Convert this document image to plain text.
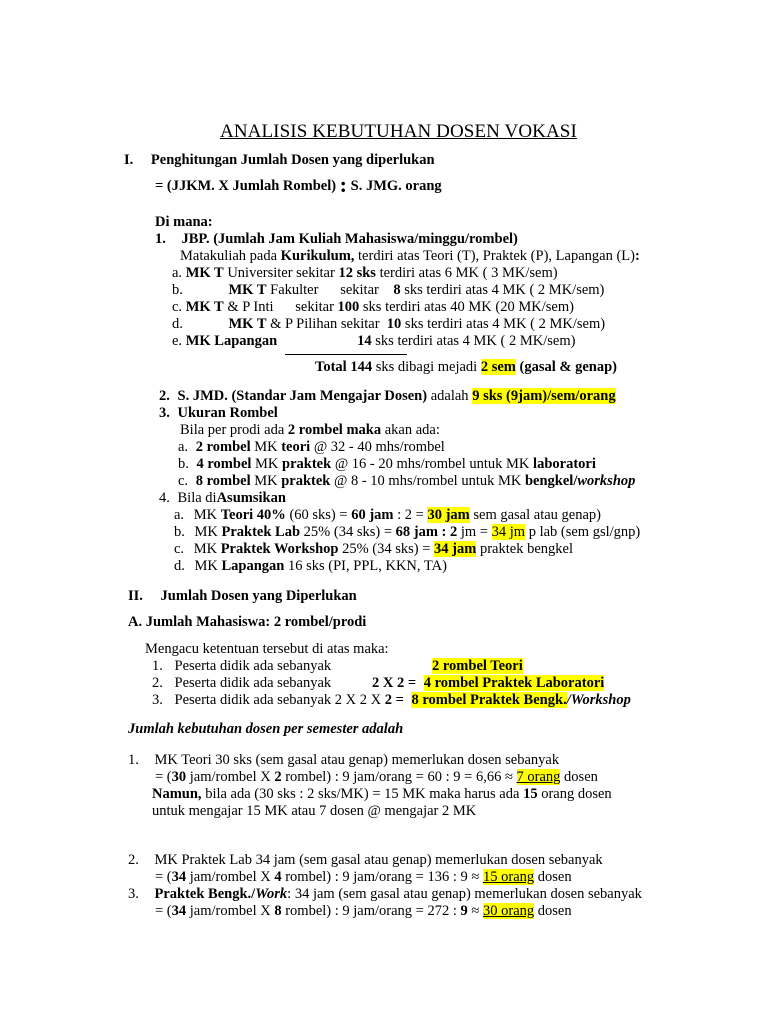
ANALISIS KEBUTUHAN DOSEN VOKASI
I. Penghitungan Jumlah Dosen yang diperlukan
= (JJKM. X Jumlah Rombel) : S. JMG. orang
Di mana:
1. JBP. (Jumlah Jam Kuliah Mahasiswa/minggu/rombel)
Matakuliah pada Kurikulum, terdiri atas Teori (T), Praktek (P), Lapangan (L):
a. MK T Universiter sekitar 12 sks terdiri atas 6 MK ( 3 MK/sem)
b.	MK T Fakulter      sekitar    8 sks terdiri atas 4 MK ( 2 MK/sem)
c. MK T & P Inti      sekitar 100 sks terdiri atas 40 MK (20 MK/sem)
d.	MK T & P Pilihan sekitar  10 sks terdiri atas 4 MK ( 2 MK/sem)
e. MK Lapangan	14 sks terdiri atas 4 MK ( 2 MK/sem)
Total 144 sks dibagi mejadi 2 sem (gasal & genap)
2. S. JMD. (Standar Jam Mengajar Dosen) adalah 9 sks (9jam)/sem/orang
3. Ukuran Rombel
Bila per prodi ada 2 rombel maka akan ada:
a. 2 rombel MK teori @ 32 - 40 mhs/rombel
b. 4 rombel MK praktek @ 16 - 20 mhs/rombel untuk MK laboratori
c. 8 rombel MK praktek @ 8 - 10 mhs/rombel untuk MK bengkel/workshop
4. Bila diAsumsikan
a. MK Teori 40% (60 sks) = 60 jam : 2 = 30 jam sem gasal atau genap)
b. MK Praktek Lab 25% (34 sks) = 68 jam : 2 jm = 34 jm p lab (sem gsl/gnp)
c. MK Praktek Workshop 25% (34 sks) = 34 jam praktek bengkel
d. MK Lapangan 16 sks (PI, PPL, KKN, TA)
II. Jumlah Dosen yang Diperlukan
A. Jumlah Mahasiswa: 2 rombel/prodi
Mengacu ketentuan tersebut di atas maka:
1. Peserta didik ada sebanyak	2 rombel Teori
2. Peserta didik ada sebanyak	2 X 2 = 4 rombel Praktek Laboratori
3. Peserta didik ada sebanyak 2 X 2 X 2 = 8 rombel Praktek Bengk./Workshop
Jumlah kebutuhan dosen per semester adalah
1. MK Teori 30 sks (sem gasal atau genap) memerlukan dosen sebanyak
= (30 jam/rombel X 2 rombel) : 9 jam/orang = 60 : 9 = 6,66 ≈ 7 orang dosen
Namun, bila ada (30 sks : 2 sks/MK) = 15 MK maka harus ada 15 orang dosen
untuk mengajar 15 MK atau 7 dosen @ mengajar 2 MK
2. MK Praktek Lab 34 jam (sem gasal atau genap) memerlukan dosen sebanyak
= (34 jam/rombel X 4 rombel) : 9 jam/orang = 136 : 9 ≈ 15 orang dosen
3. Praktek Bengk./Work: 34 jam (sem gasal atau genap) memerlukan dosen sebanyak
= (34 jam/rombel X 8 rombel) : 9 jam/orang = 272 : 9 ≈ 30 orang dosen
